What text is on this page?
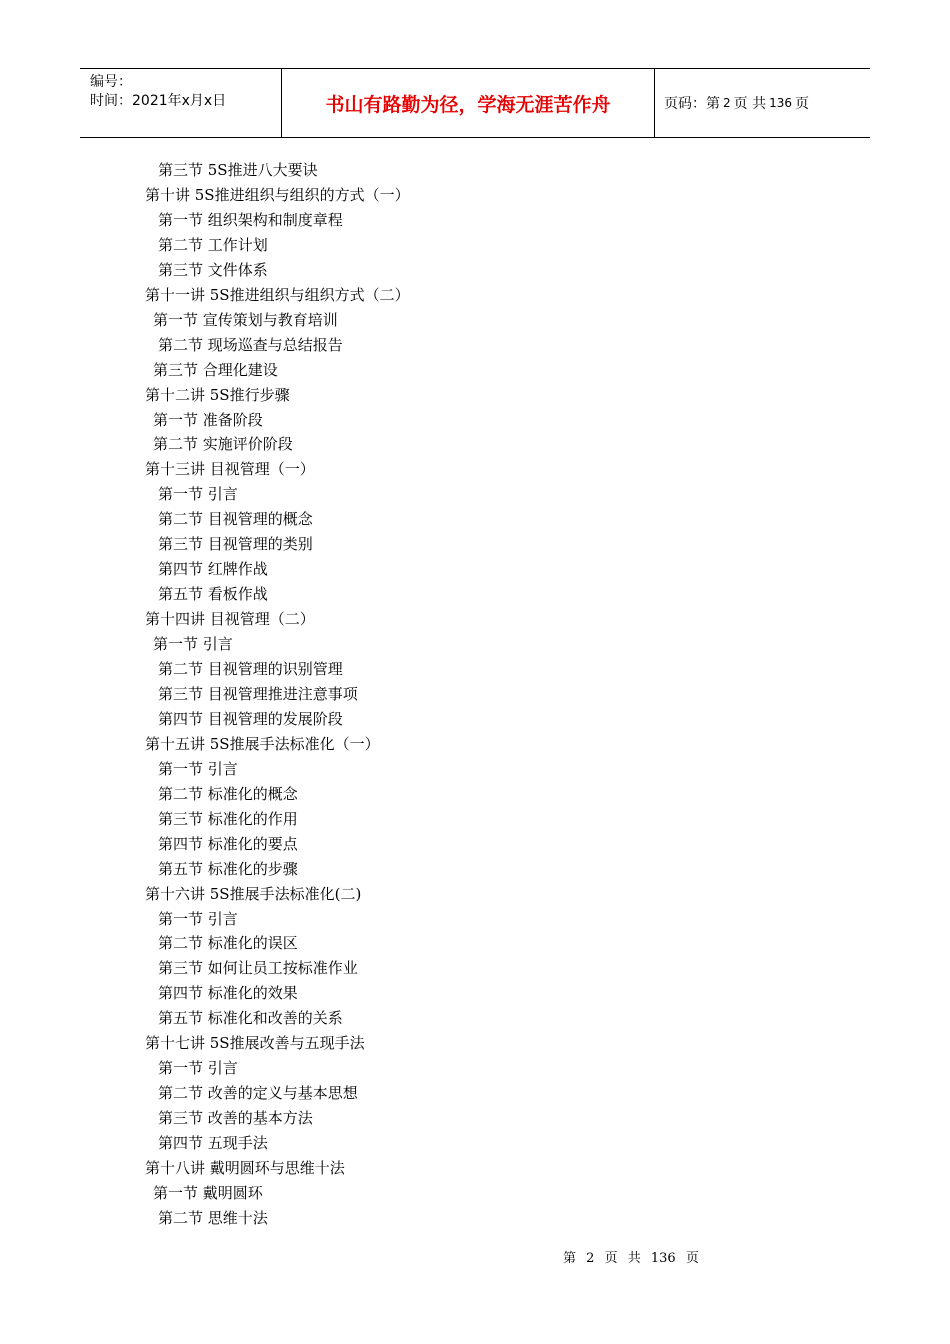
编号：
时间：2021年x月x日	书山有路勤为径，学海无涯苦作舟	页码：第 2 页 共 136 页
第三节 5S推进八大要诀
第十讲 5S推进组织与组织的方式（一）
第一节 组织架构和制度章程
第二节 工作计划
第三节 文件体系
第十一讲 5S推进组织与组织方式（二）
第一节 宣传策划与教育培训
第二节 现场巡查与总结报告
第三节 合理化建设
第十二讲 5S推行步骤
第一节 准备阶段
第二节 实施评价阶段
第十三讲 目视管理（一）
第一节 引言
第二节 目视管理的概念
第三节 目视管理的类别
第四节 红牌作战
第五节 看板作战
第十四讲 目视管理（二）
第一节 引言
第二节 目视管理的识别管理
第三节 目视管理推进注意事项
第四节 目视管理的发展阶段
第十五讲 5S推展手法标准化（一）
第一节 引言
第二节 标准化的概念
第三节 标准化的作用
第四节 标准化的要点
第五节 标准化的步骤
第十六讲 5S推展手法标准化(二)
第一节 引言
第二节 标准化的误区
第三节 如何让员工按标准作业
第四节 标准化的效果
第五节 标准化和改善的关系
第十七讲 5S推展改善与五现手法
第一节 引言
第二节 改善的定义与基本思想
第三节 改善的基本方法
第四节 五现手法
第十八讲 戴明圆环与思维十法
第一节 戴明圆环
第二节 思维十法
第 2 页 共 136 页
